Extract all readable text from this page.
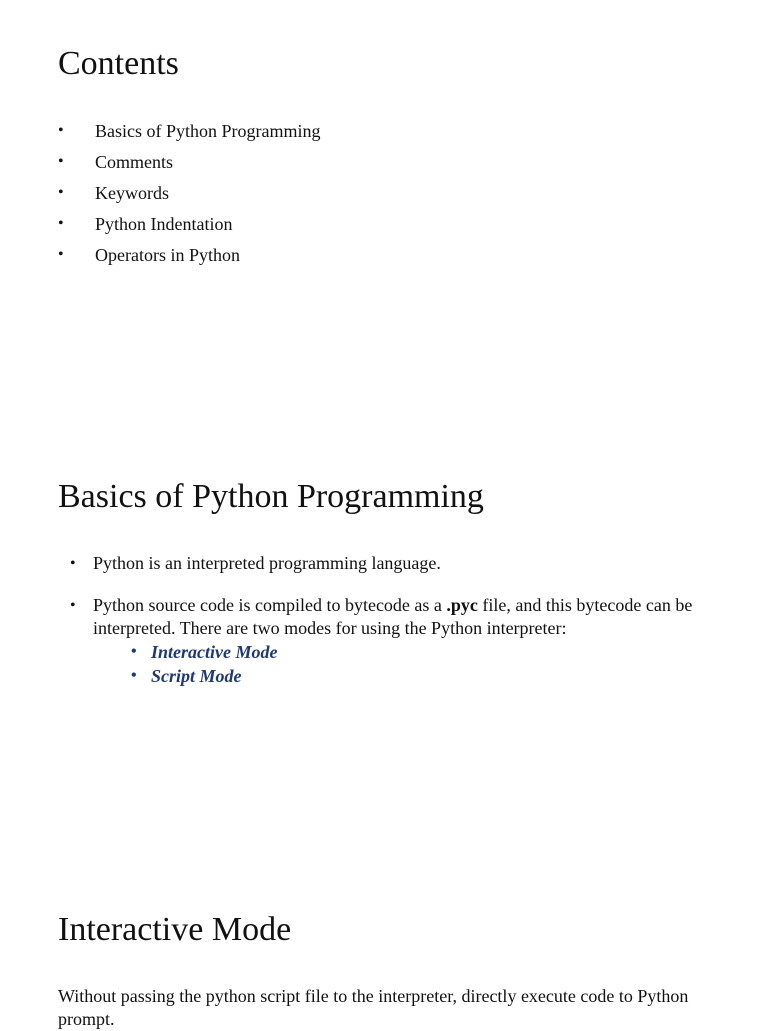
Contents
• Basics of Python Programming
• Comments
• Keywords
• Python Indentation
• Operators in Python
Basics of Python Programming
• Python is an interpreted programming language.
• Python source code is compiled to bytecode as a .pyc file, and this bytecode can be interpreted. There are two modes for using the Python interpreter:
• Interactive Mode
• Script Mode
Interactive Mode
Without passing the python script file to the interpreter, directly execute code to Python prompt.
